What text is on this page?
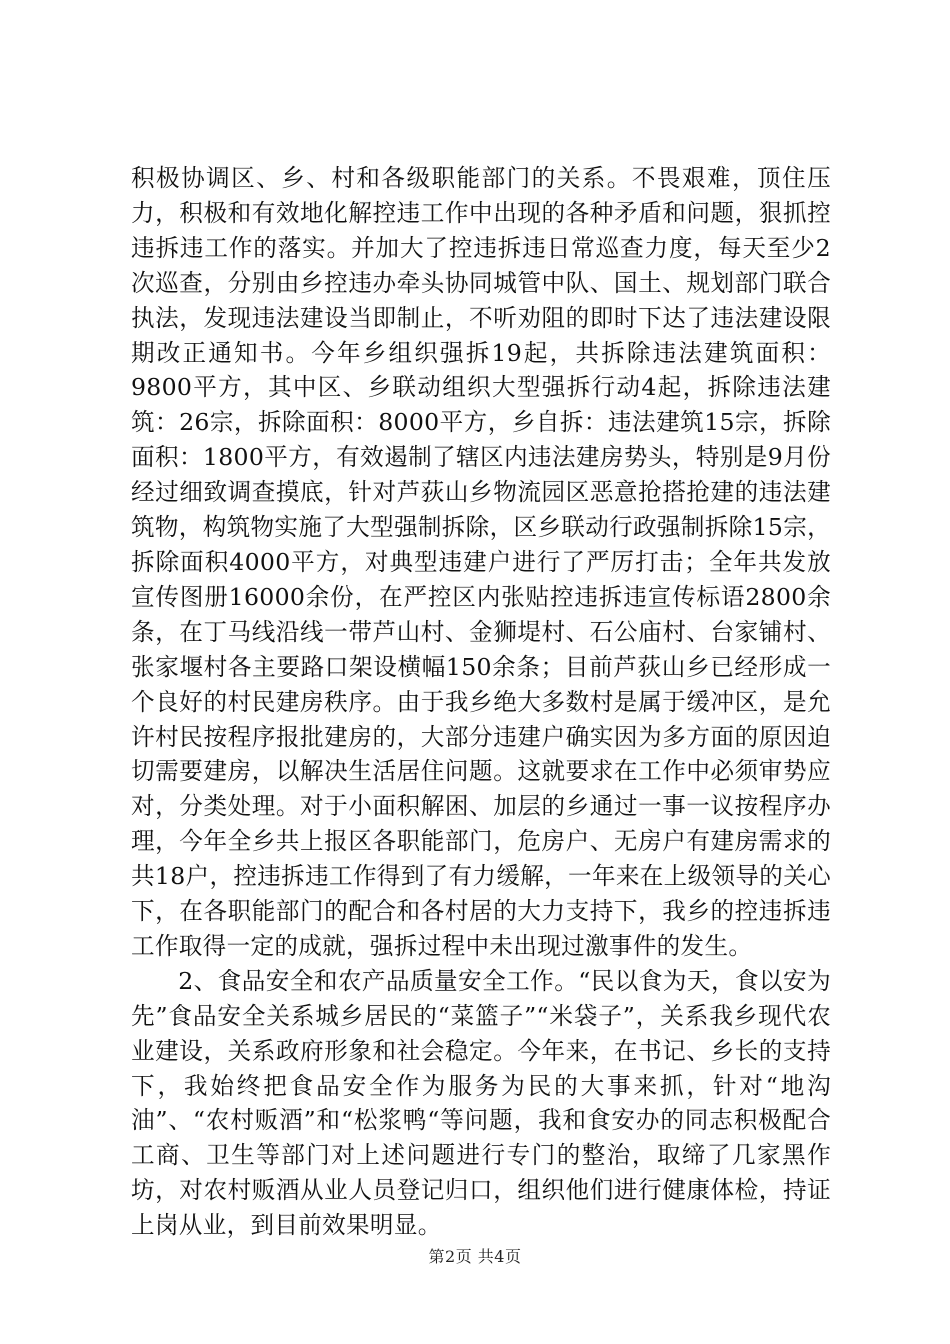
积极协调区、乡、村和各级职能部门的关系。不畏艰难，顶住压力，积极和有效地化解控违工作中出现的各种矛盾和问题，狠抓控违拆违工作的落实。并加大了控违拆违日常巡查力度，每天至少2次巡查，分别由乡控违办牵头协同城管中队、国土、规划部门联合执法，发现违法建设当即制止，不听劝阻的即时下达了违法建设限期改正通知书。今年乡组织强拆19起，共拆除违法建筑面积：9800平方，其中区、乡联动组织大型强拆行动4起，拆除违法建筑：26宗，拆除面积：8000平方，乡自拆：违法建筑15宗，拆除面积：1800平方，有效遏制了辖区内违法建房势头，特别是9月份经过细致调查摸底，针对芦荻山乡物流园区恶意抢搭抢建的违法建筑物，构筑物实施了大型强制拆除，区乡联动行政强制拆除15宗，拆除面积4000平方，对典型违建户进行了严厉打击；全年共发放宣传图册16000余份，在严控区内张贴控违拆违宣传标语2800余条，在丁马线沿线一带芦山村、金狮堤村、石公庙村、台家铺村、张家堰村各主要路口架设横幅150余条；目前芦荻山乡已经形成一个良好的村民建房秩序。由于我乡绝大多数村是属于缓冲区，是允许村民按程序报批建房的，大部分违建户确实因为多方面的原因迫切需要建房，以解决生活居住问题。这就要求在工作中必须审势应对，分类处理。对于小面积解困、加层的乡通过一事一议按程序办理，今年全乡共上报区各职能部门，危房户、无房户有建房需求的共18户，控违拆违工作得到了有力缓解，一年来在上级领导的关心下，在各职能部门的配合和各村居的大力支持下，我乡的控违拆违工作取得一定的成就，强拆过程中未出现过激事件的发生。

2、食品安全和农产品质量安全工作。“民以食为天，食以安为先”食品安全关系城乡居民的“菜篮子”“米袋子”，关系我乡现代农业建设，关系政府形象和社会稳定。今年来，在书记、乡长的支持下，我始终把食品安全作为服务为民的大事来抓，针对“地沟油”、“农村贩酒”和“松浆鸭“等问题，我和食安办的同志积极配合工商、卫生等部门对上述问题进行专门的整治，取缔了几家黑作坊，对农村贩酒从业人员登记归口，组织他们进行健康体检，持证上岗从业，到目前效果明显。

第2页 共4页
